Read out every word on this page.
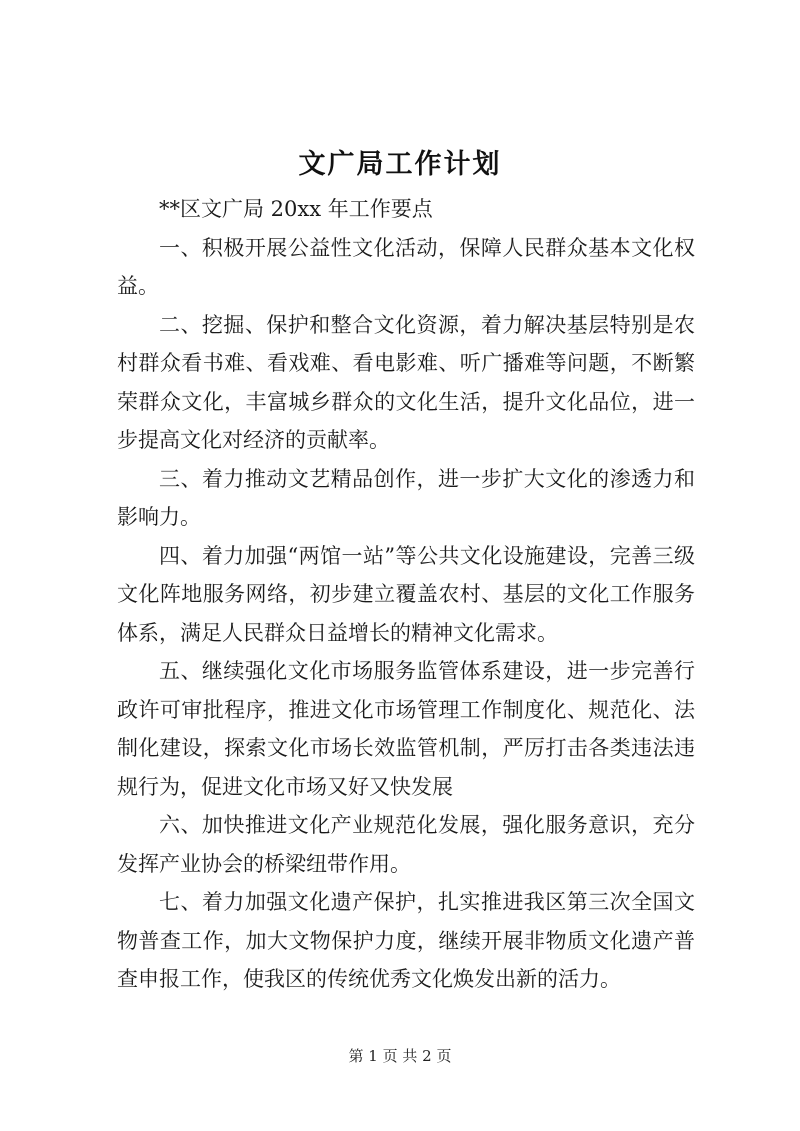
文广局工作计划

**区文广局 20xx 年工作要点

一、积极开展公益性文化活动，保障人民群众基本文化权益。

二、挖掘、保护和整合文化资源，着力解决基层特别是农村群众看书难、看戏难、看电影难、听广播难等问题，不断繁荣群众文化，丰富城乡群众的文化生活，提升文化品位，进一步提高文化对经济的贡献率。

三、着力推动文艺精品创作，进一步扩大文化的渗透力和影响力。

四、着力加强“两馆一站”等公共文化设施建设，完善三级文化阵地服务网络，初步建立覆盖农村、基层的文化工作服务体系，满足人民群众日益增长的精神文化需求。

五、继续强化文化市场服务监管体系建设，进一步完善行政许可审批程序，推进文化市场管理工作制度化、规范化、法制化建设，探索文化市场长效监管机制，严厉打击各类违法违规行为，促进文化市场又好又快发展

六、加快推进文化产业规范化发展，强化服务意识，充分发挥产业协会的桥梁纽带作用。

七、着力加强文化遗产保护，扎实推进我区第三次全国文物普查工作，加大文物保护力度，继续开展非物质文化遗产普查申报工作，使我区的传统优秀文化焕发出新的活力。

第 1 页 共 2 页
